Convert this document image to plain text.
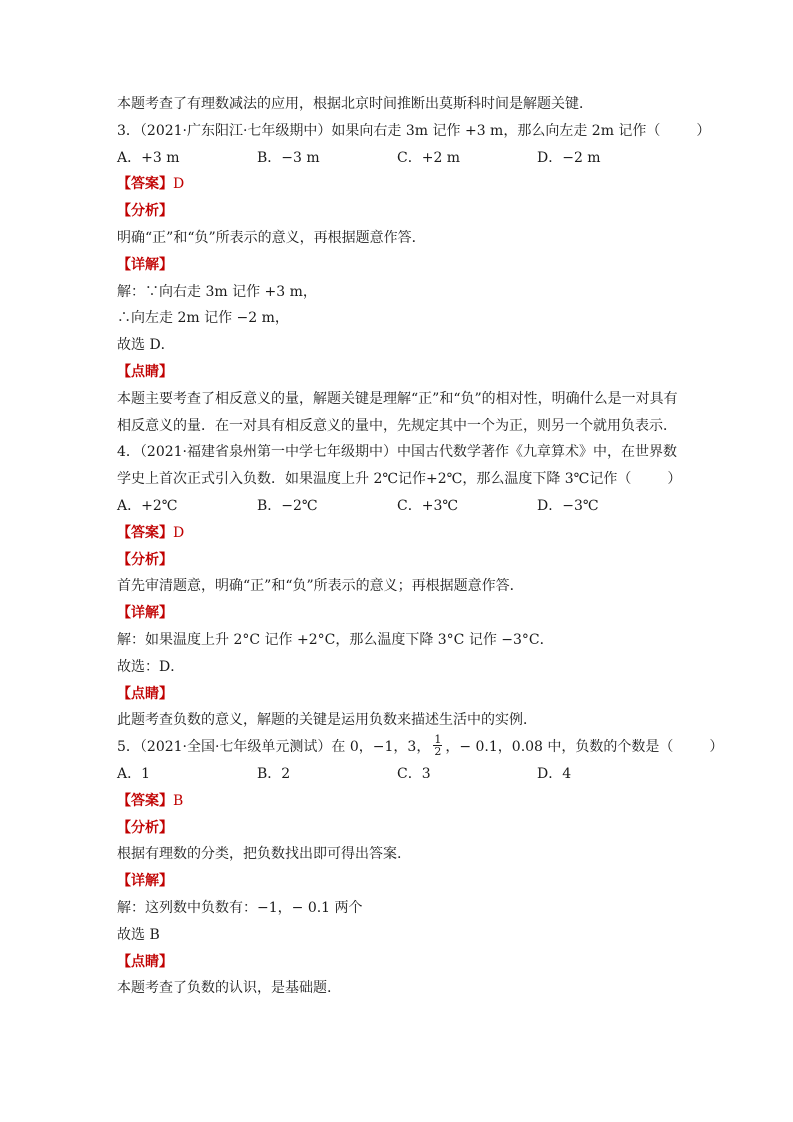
本题考查了有理数减法的应用，根据北京时间推断出莫斯科时间是解题关键．
3．（2021·广东阳江·七年级期中）如果向右走 3m 记作 +3 m，那么向左走 2m 记作（	）
A．+3 m	B．−3 m	C．+2 m	D．−2 m
【答案】D
【分析】
明确“正”和“负”所表示的意义，再根据题意作答．
【详解】
解：∵向右走 3m 记作 +3 m，
∴向左走 2m 记作 −2 m，
故选 D．
【点睛】
本题主要考查了相反意义的量，解题关键是理解“正”和“负”的相对性，明确什么是一对具有
相反意义的量．在一对具有相反意义的量中，先规定其中一个为正，则另一个就用负表示．
4．（2021·福建省泉州第一中学七年级期中）中国古代数学著作《九章算术》中，在世界数
学史上首次正式引入负数．如果温度上升 2℃记作+2℃，那么温度下降 3℃记作（	）
A．+2℃	B．−2℃	C．+3℃	D．−3℃
【答案】D
【分析】
首先审清题意，明确“正”和“负”所表示的意义；再根据题意作答．
【详解】
解：如果温度上升 2°C 记作 +2°C，那么温度下降 3°C 记作 −3°C．
故选：D．
【点睛】
此题考查负数的意义，解题的关键是运用负数来描述生活中的实例．
5．（2021·全国·七年级单元测试）在 0，−1，3， $\frac{1}{2}$ ，− 0.1，0.08 中，负数的个数是（	）
A．1	B．2	C．3	D．4
【答案】B
【分析】
根据有理数的分类，把负数找出即可得出答案.
【详解】
解：这列数中负数有：−1，− 0.1 两个
故选 B
【点睛】
本题考查了负数的认识，是基础题.
